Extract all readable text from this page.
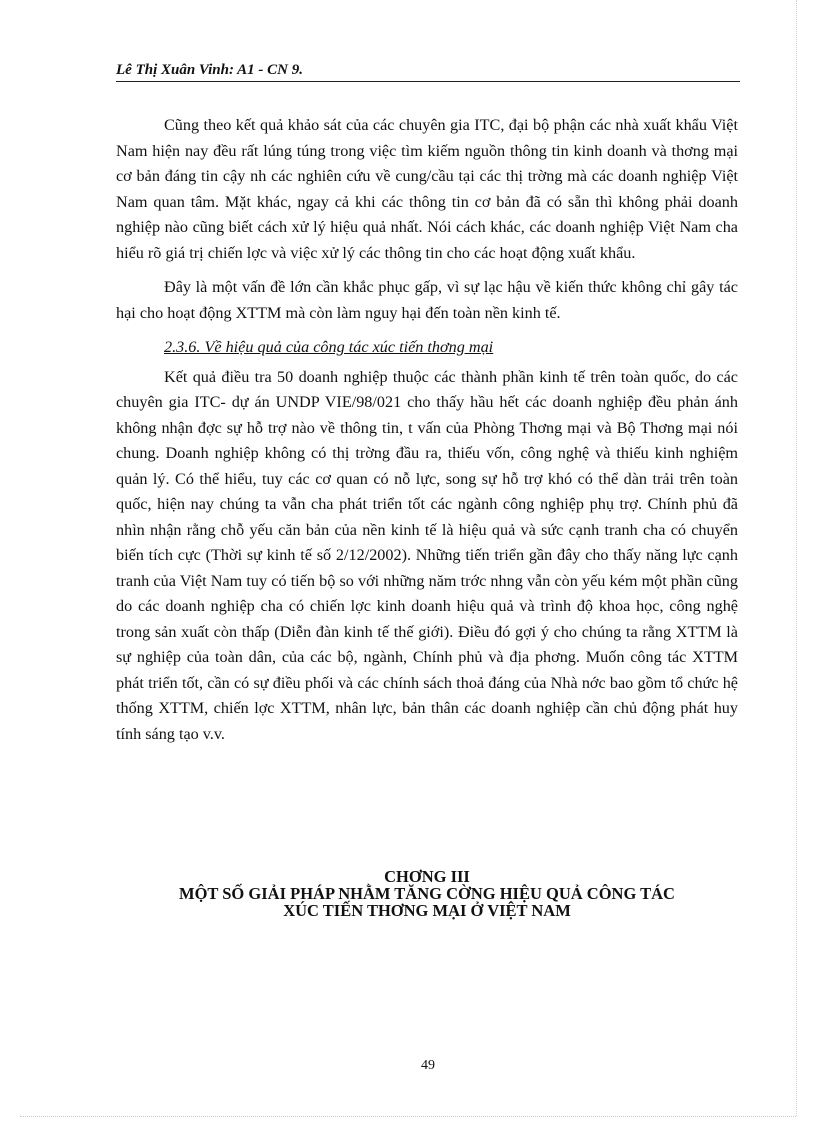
Lê Thị Xuân Vinh: A1 - CN 9.

Cũng theo kết quả khảo sát của các chuyên gia ITC, đại bộ phận các nhà xuất khẩu Việt Nam hiện nay đều rất lúng túng trong việc tìm kiếm nguồn thông tin kinh doanh và thơng mại cơ bản đáng tin cậy nh các nghiên cứu về cung/cầu tại các thị trờng mà các doanh nghiệp Việt Nam quan tâm. Mặt khác, ngay cả khi các thông tin cơ bản đã có sẵn thì không phải doanh nghiệp nào cũng biết cách xử lý hiệu quả nhất. Nói cách khác, các doanh nghiệp Việt Nam cha hiểu rõ giá trị chiến lợc và việc xử lý các thông tin cho các hoạt động xuất khẩu.

Đây là một vấn đề lớn cần khắc phục gấp, vì sự lạc hậu về kiến thức không chỉ gây tác hại cho hoạt động XTTM mà còn làm nguy hại đến toàn nền kinh tế.

2.3.6. Về hiệu quả của công tác xúc tiến thơng mại

Kết quả điều tra 50 doanh nghiệp thuộc các thành phần kinh tế trên toàn quốc, do các chuyên gia ITC- dự án UNDP VIE/98/021 cho thấy hầu hết các doanh nghiệp đều phản ánh không nhận đợc sự hỗ trợ nào về thông tin, t vấn của Phòng Thơng mại và Bộ Thơng mại nói chung. Doanh nghiệp không có thị trờng đầu ra, thiếu vốn, công nghệ và thiếu kinh nghiệm quản lý. Có thể hiểu, tuy các cơ quan có nỗ lực, song sự hỗ trợ khó có thể dàn trải trên toàn quốc, hiện nay chúng ta vẫn cha phát triển tốt các ngành công nghiệp phụ trợ. Chính phủ đã nhìn nhận rằng chỗ yếu căn bản của nền kinh tế là hiệu quả và sức cạnh tranh cha có chuyển biến tích cực (Thời sự kinh tế số 2/12/2002). Những tiến triển gần đây cho thấy năng lực cạnh tranh của Việt Nam tuy có tiến bộ so với những năm trớc nhng vẫn còn yếu kém một phần cũng do các doanh nghiệp cha có chiến lợc kinh doanh hiệu quả và trình độ khoa học, công nghệ trong sản xuất còn thấp (Diễn đàn kinh tế thế giới). Điều đó gợi ý cho chúng ta rằng XTTM là sự nghiệp của toàn dân, của các bộ, ngành, Chính phủ và địa phơng. Muốn công tác XTTM phát triển tốt, cần có sự điều phối và các chính sách thoả đáng của Nhà nớc bao gồm tổ chức hệ thống XTTM, chiến lợc XTTM, nhân lực, bản thân các doanh nghiệp cần chủ động phát huy tính sáng tạo v.v.

CHƠNG III
MỘT SỐ GIẢI PHÁP NHẰM TĂNG CỜNG HIỆU QUẢ CÔNG TÁC
XÚC TIẾN THƠNG MẠI Ở VIỆT NAM
49
